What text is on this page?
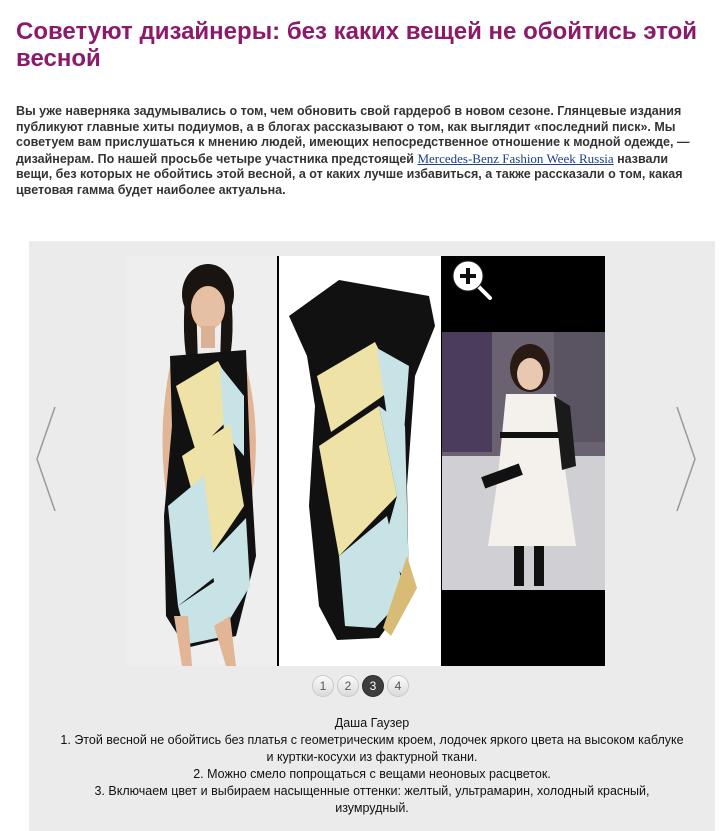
Советуют дизайнеры: без каких вещей не обойтись этой весной
Вы уже наверняка задумывались о том, чем обновить свой гардероб в новом сезоне. Глянцевые издания публикуют главные хиты подиумов, а в блогах рассказывают о том, как выглядит «последний писк». Мы советуем вам прислушаться к мнению людей, имеющих непосредственное отношение к модной одежде, — дизайнерам. По нашей просьбе четыре участника предстоящей Mercedes-Benz Fashion Week Russia назвали вещи, без которых не обойтись этой весной, а от каких лучше избавиться, а также рассказали о том, какая цветовая гамма будет наиболее актуальна.
1	2	3	4
Даша Гаузер
1. Этой весной не обойтись без платья с геометрическим кроем, лодочек яркого цвета на высоком каблуке и куртки-косухи из фактурной ткани.
2. Можно смело попрощаться с вещами неоновых расцветок.
3. Включаем цвет и выбираем насыщенные оттенки: желтый, ультрамарин, холодный красный, изумрудный.
